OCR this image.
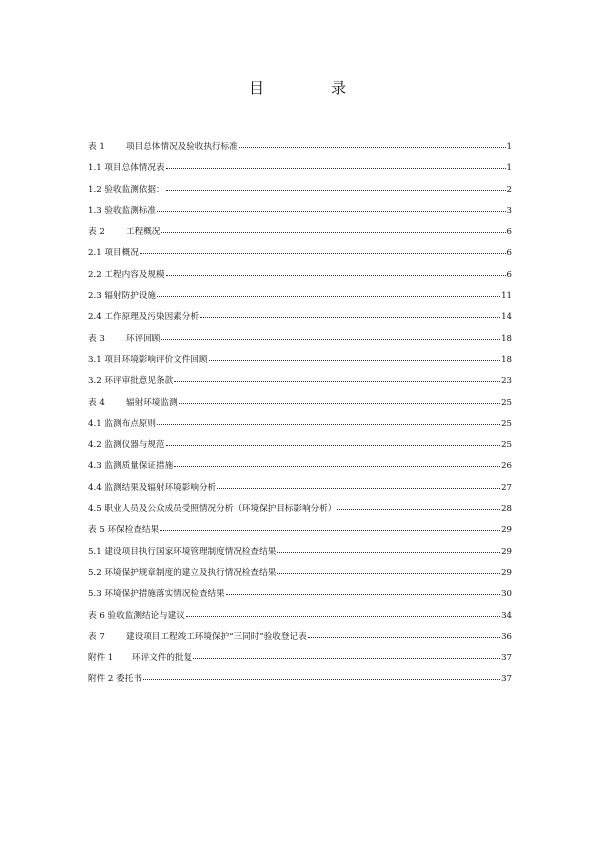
目　录
表 1 项目总体情况及验收执行标准	1
1.1 项目总体情况表	1
1.2 验收监测依据：	2
1.3 验收监测标准	3
表 2 工程概况	6
2.1 项目概况	6
2.2 工程内容及规模	6
2.3 辐射防护设施	11
2.4 工作原理及污染因素分析	14
表 3 环评回顾	18
3.1 项目环境影响评价文件回顾	18
3.2 环评审批意见条款	23
表 4 辐射环境监测	25
4.1 监测布点原则	25
4.2 监测仪器与规范	25
4.3 监测质量保证措施	26
4.4 监测结果及辐射环境影响分析	27
4.5 职业人员及公众成员受照情况分析（环境保护目标影响分析）	28
表 5 环保检查结果	29
5.1 建设项目执行国家环境管理制度情况检查结果	29
5.2 环境保护规章制度的建立及执行情况检查结果	29
5.3 环境保护措施落实情况检查结果	30
表 6 验收监测结论与建议	34
表 7 建设项目工程竣工环境保护“三同时”验收登记表	36
附件 1 环评文件的批复	37
附件 2 委托书	37
